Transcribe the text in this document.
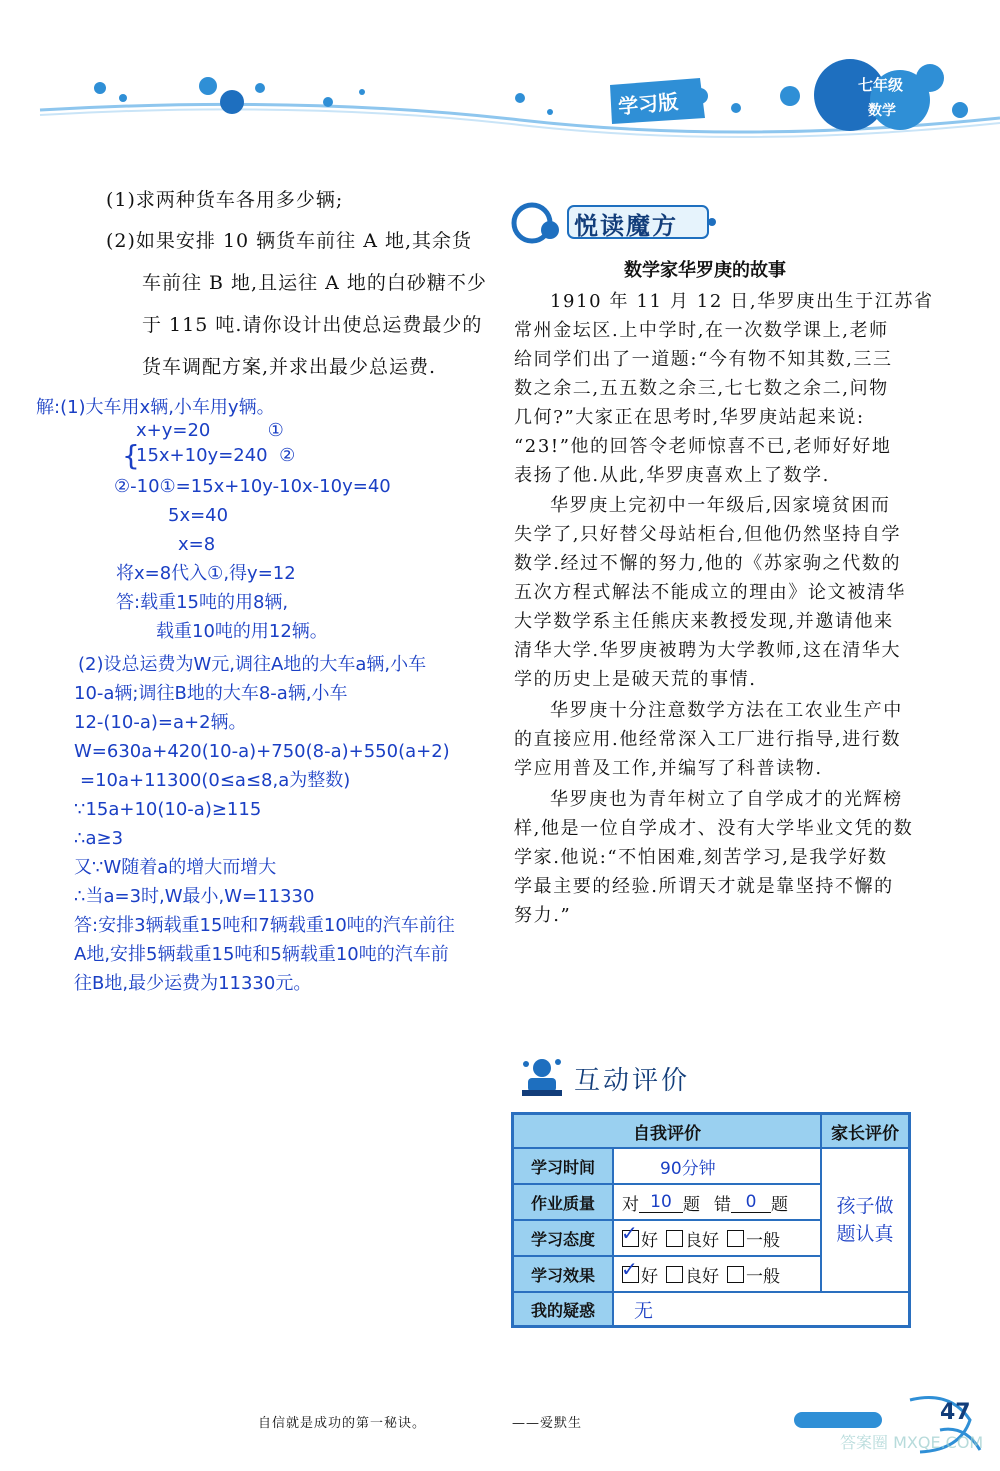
学习版
七年级
数学
(1)求两种货车各用多少辆;
(2)如果安排 10 辆货车前往 A 地,其余货
车前往 B 地,且运往 A 地的白砂糖不少
于 115 吨.请你设计出使总运费最少的
货车调配方案,并求出最少总运费.
解:(1)大车用x辆,小车用y辆。
{
x+y=20          ①
15x+10y=240  ②
②-10①=15x+10y-10x-10y=40
5x=40
x=8
将x=8代入①,得y=12
答:载重15吨的用8辆,
载重10吨的用12辆。
(2)设总运费为W元,调往A地的大车a辆,小车
10-a辆;调往B地的大车8-a辆,小车
12-(10-a)=a+2辆。
W=630a+420(10-a)+750(8-a)+550(a+2)
=10a+11300(0≤a≤8,a为整数)
∵15a+10(10-a)≥115
∴a≥3
又∵W随着a的增大而增大
∴当a=3时,W最小,W=11330
答:安排3辆载重15吨和7辆载重10吨的汽车前往
A地,安排5辆载重15吨和5辆载重10吨的汽车前
往B地,最少运费为11330元。
悦读魔方
数学家华罗庚的故事
1910 年 11 月 12 日,华罗庚出生于江苏省
常州金坛区.上中学时,在一次数学课上,老师
给同学们出了一道题:“今有物不知其数,三三
数之余二,五五数之余三,七七数之余二,问物
几何?”大家正在思考时,华罗庚站起来说:
“23!”他的回答令老师惊喜不已,老师好好地
表扬了他.从此,华罗庚喜欢上了数学.
华罗庚上完初中一年级后,因家境贫困而
失学了,只好替父母站柜台,但他仍然坚持自学
数学.经过不懈的努力,他的《苏家驹之代数的
五次方程式解法不能成立的理由》论文被清华
大学数学系主任熊庆来教授发现,并邀请他来
清华大学.华罗庚被聘为大学教师,这在清华大
学的历史上是破天荒的事情.
华罗庚十分注意数学方法在工农业生产中
的直接应用.他经常深入工厂进行指导,进行数
学应用普及工作,并编写了科普读物.
华罗庚也为青年树立了自学成才的光辉榜
样,他是一位自学成才、没有大学毕业文凭的数
学家.他说:“不怕困难,刻苦学习,是我学好数
学最主要的经验.所谓天才就是靠坚持不懈的
努力.”
互动评价
自我评价	家长评价
学习时间	90分钟
作业质量	对 10 题 错 0 题
学习态度 ✓	好 良好 一般
学习效果 ✓	好 良好 一般
孩子做
题认真
我的疑惑	无
自信就是成功的第一秘诀。	——爱默生	47
答案圈 MXQE.COM
